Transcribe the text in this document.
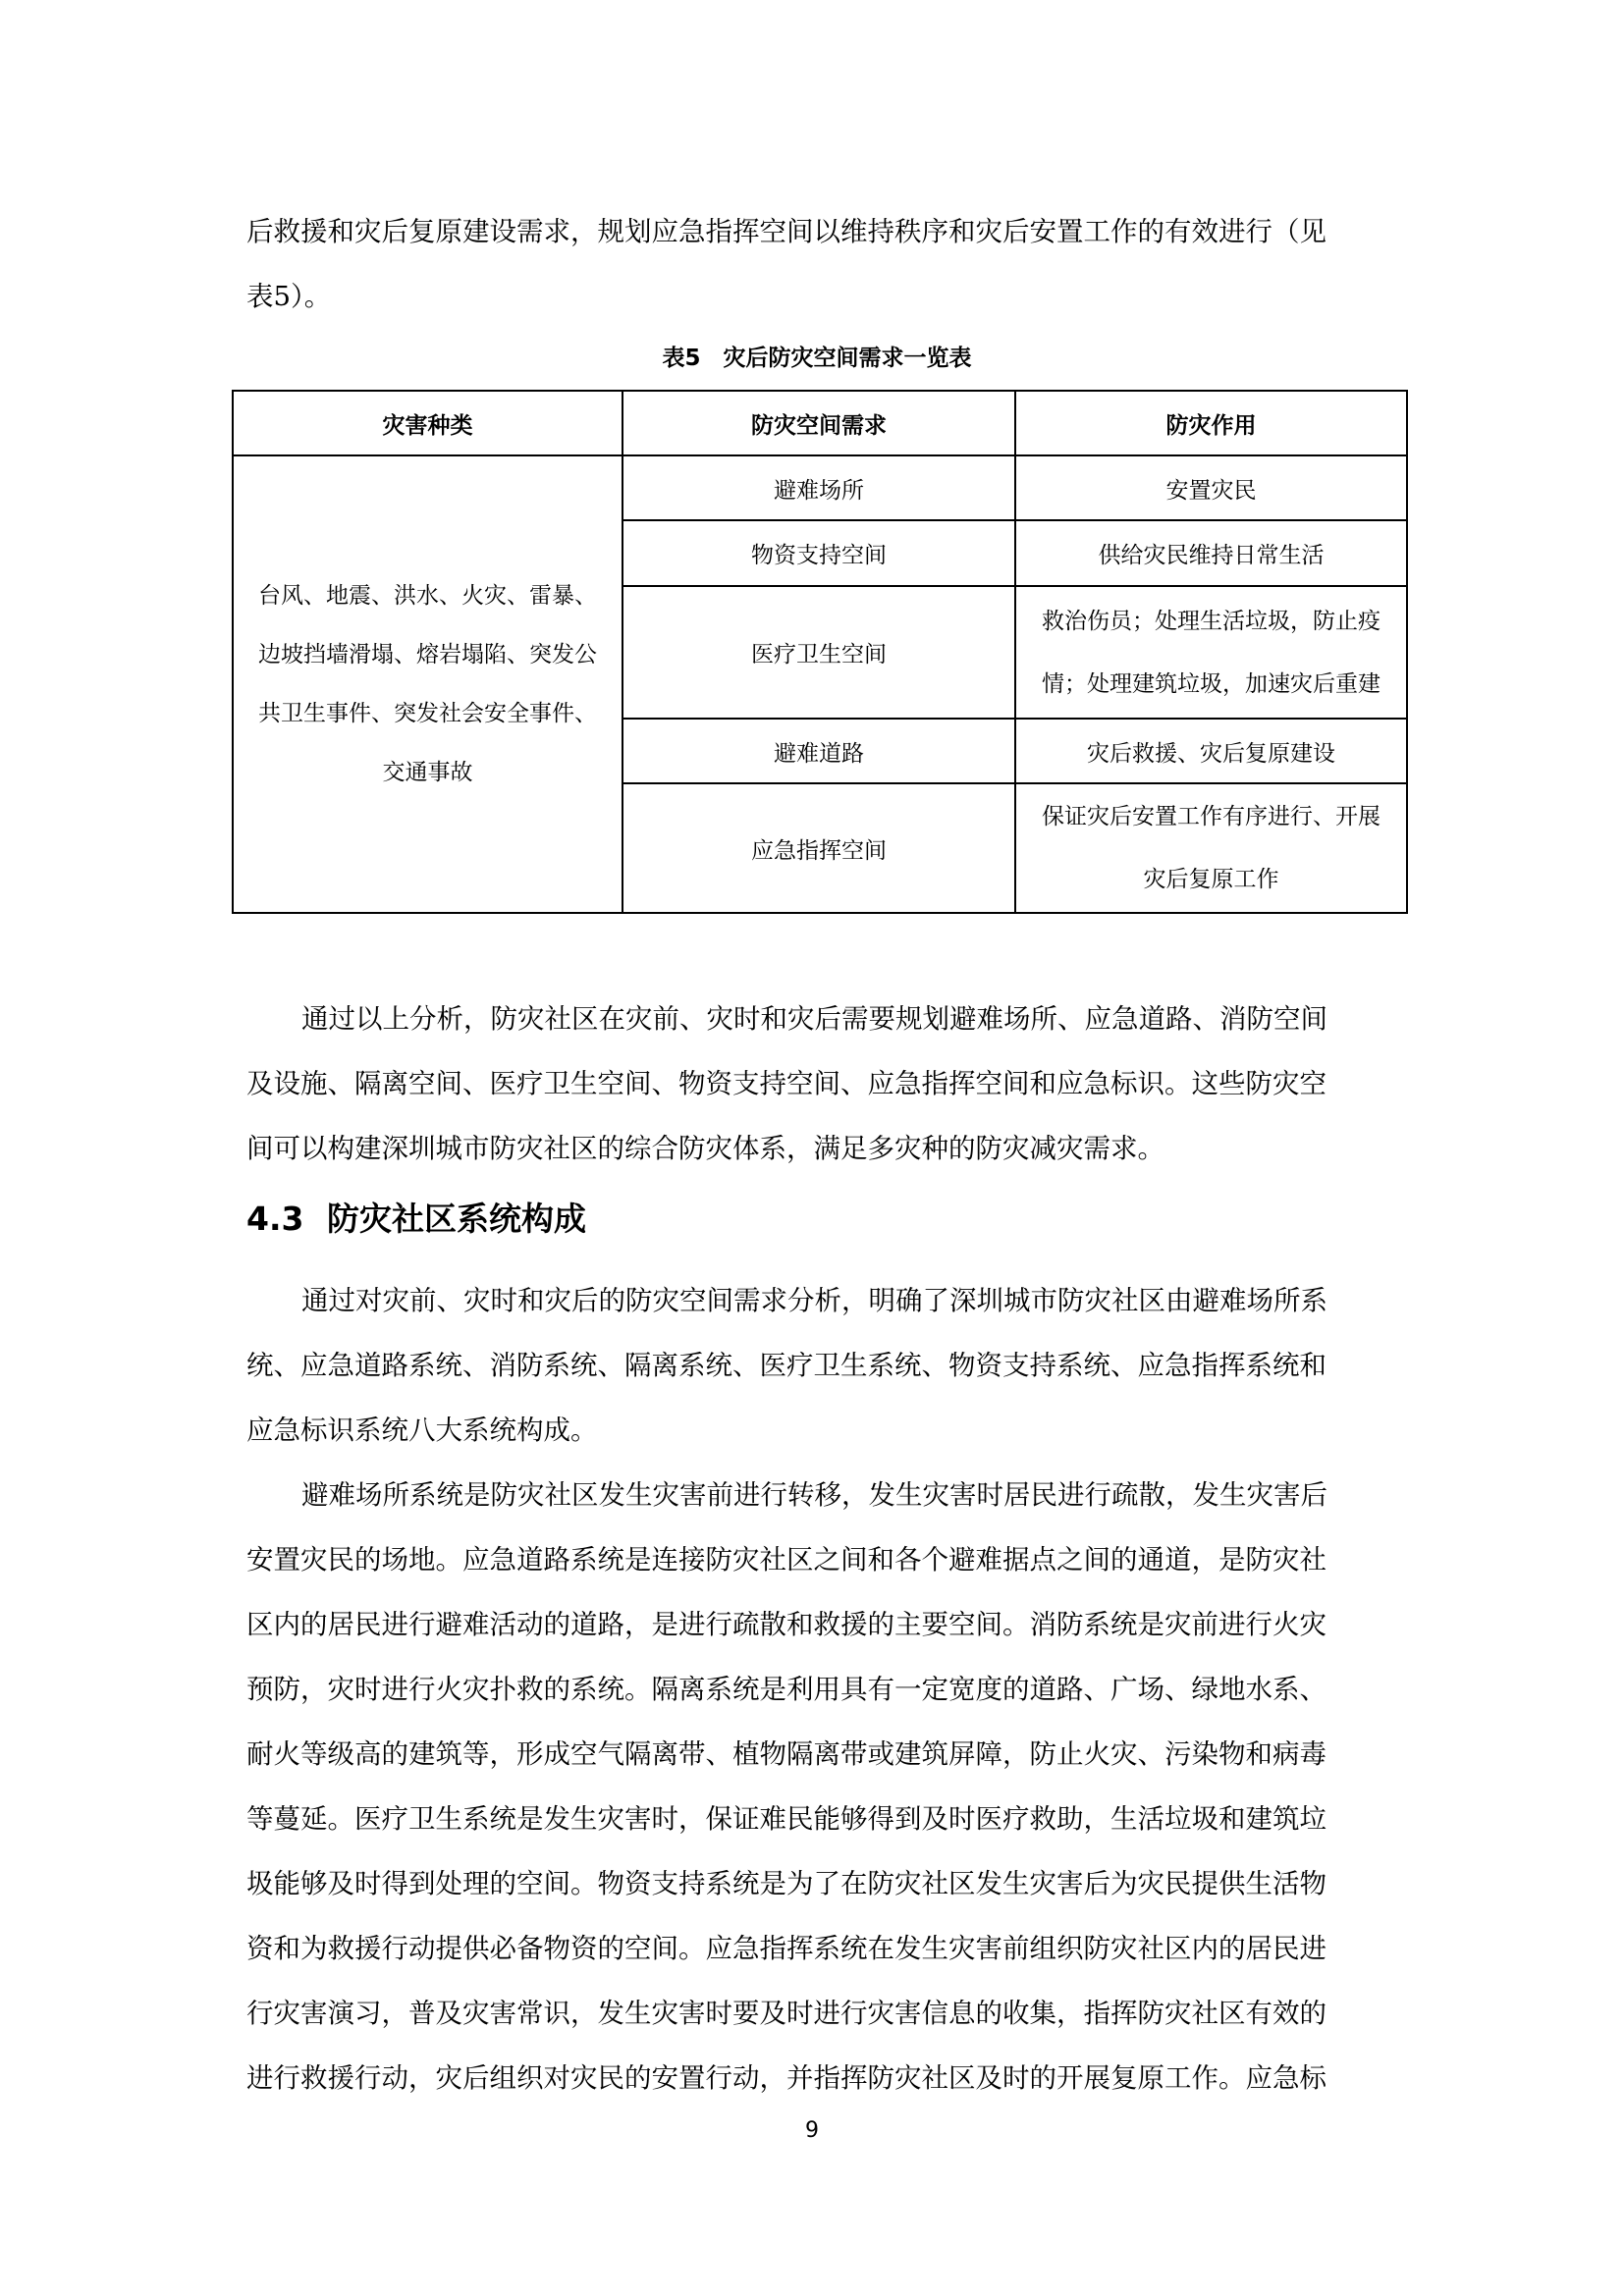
后救援和灾后复原建设需求，规划应急指挥空间以维持秩序和灾后安置工作的有效进行（见
表5）。

表5　灾后防灾空间需求一览表
灾害种类	防灾空间需求	防灾作用

台风、地震、洪水、火灾、雷暴、
边坡挡墙滑塌、熔岩塌陷、突发公
共卫生事件、突发社会安全事件、
交通事故	避难场所	安置灾民
	物资支持空间	供给灾民维持日常生活
	医疗卫生空间	救治伤员；处理生活垃圾，防止疫
情；处理建筑垃圾，加速灾后重建

	避难道路	灾后救援、灾后复原建设
	应急指挥空间	保证灾后安置工作有序进行、开展
灾后复原工作

通过以上分析，防灾社区在灾前、灾时和灾后需要规划避难场所、应急道路、消防空间
及设施、隔离空间、医疗卫生空间、物资支持空间、应急指挥空间和应急标识。这些防灾空
间可以构建深圳城市防灾社区的综合防灾体系，满足多灾种的防灾减灾需求。

4.3 防灾社区系统构成

通过对灾前、灾时和灾后的防灾空间需求分析，明确了深圳城市防灾社区由避难场所系
统、应急道路系统、消防系统、隔离系统、医疗卫生系统、物资支持系统、应急指挥系统和
应急标识系统八大系统构成。

避难场所系统是防灾社区发生灾害前进行转移，发生灾害时居民进行疏散，发生灾害后
安置灾民的场地。应急道路系统是连接防灾社区之间和各个避难据点之间的通道，是防灾社
区内的居民进行避难活动的道路，是进行疏散和救援的主要空间。消防系统是灾前进行火灾
预防，灾时进行火灾扑救的系统。隔离系统是利用具有一定宽度的道路、广场、绿地水系、
耐火等级高的建筑等，形成空气隔离带、植物隔离带或建筑屏障，防止火灾、污染物和病毒
等蔓延。医疗卫生系统是发生灾害时，保证难民能够得到及时医疗救助，生活垃圾和建筑垃
圾能够及时得到处理的空间。物资支持系统是为了在防灾社区发生灾害后为灾民提供生活物
资和为救援行动提供必备物资的空间。应急指挥系统在发生灾害前组织防灾社区内的居民进
行灾害演习，普及灾害常识，发生灾害时要及时进行灾害信息的收集，指挥防灾社区有效的
进行救援行动，灾后组织对灾民的安置行动，并指挥防灾社区及时的开展复原工作。应急标

9
